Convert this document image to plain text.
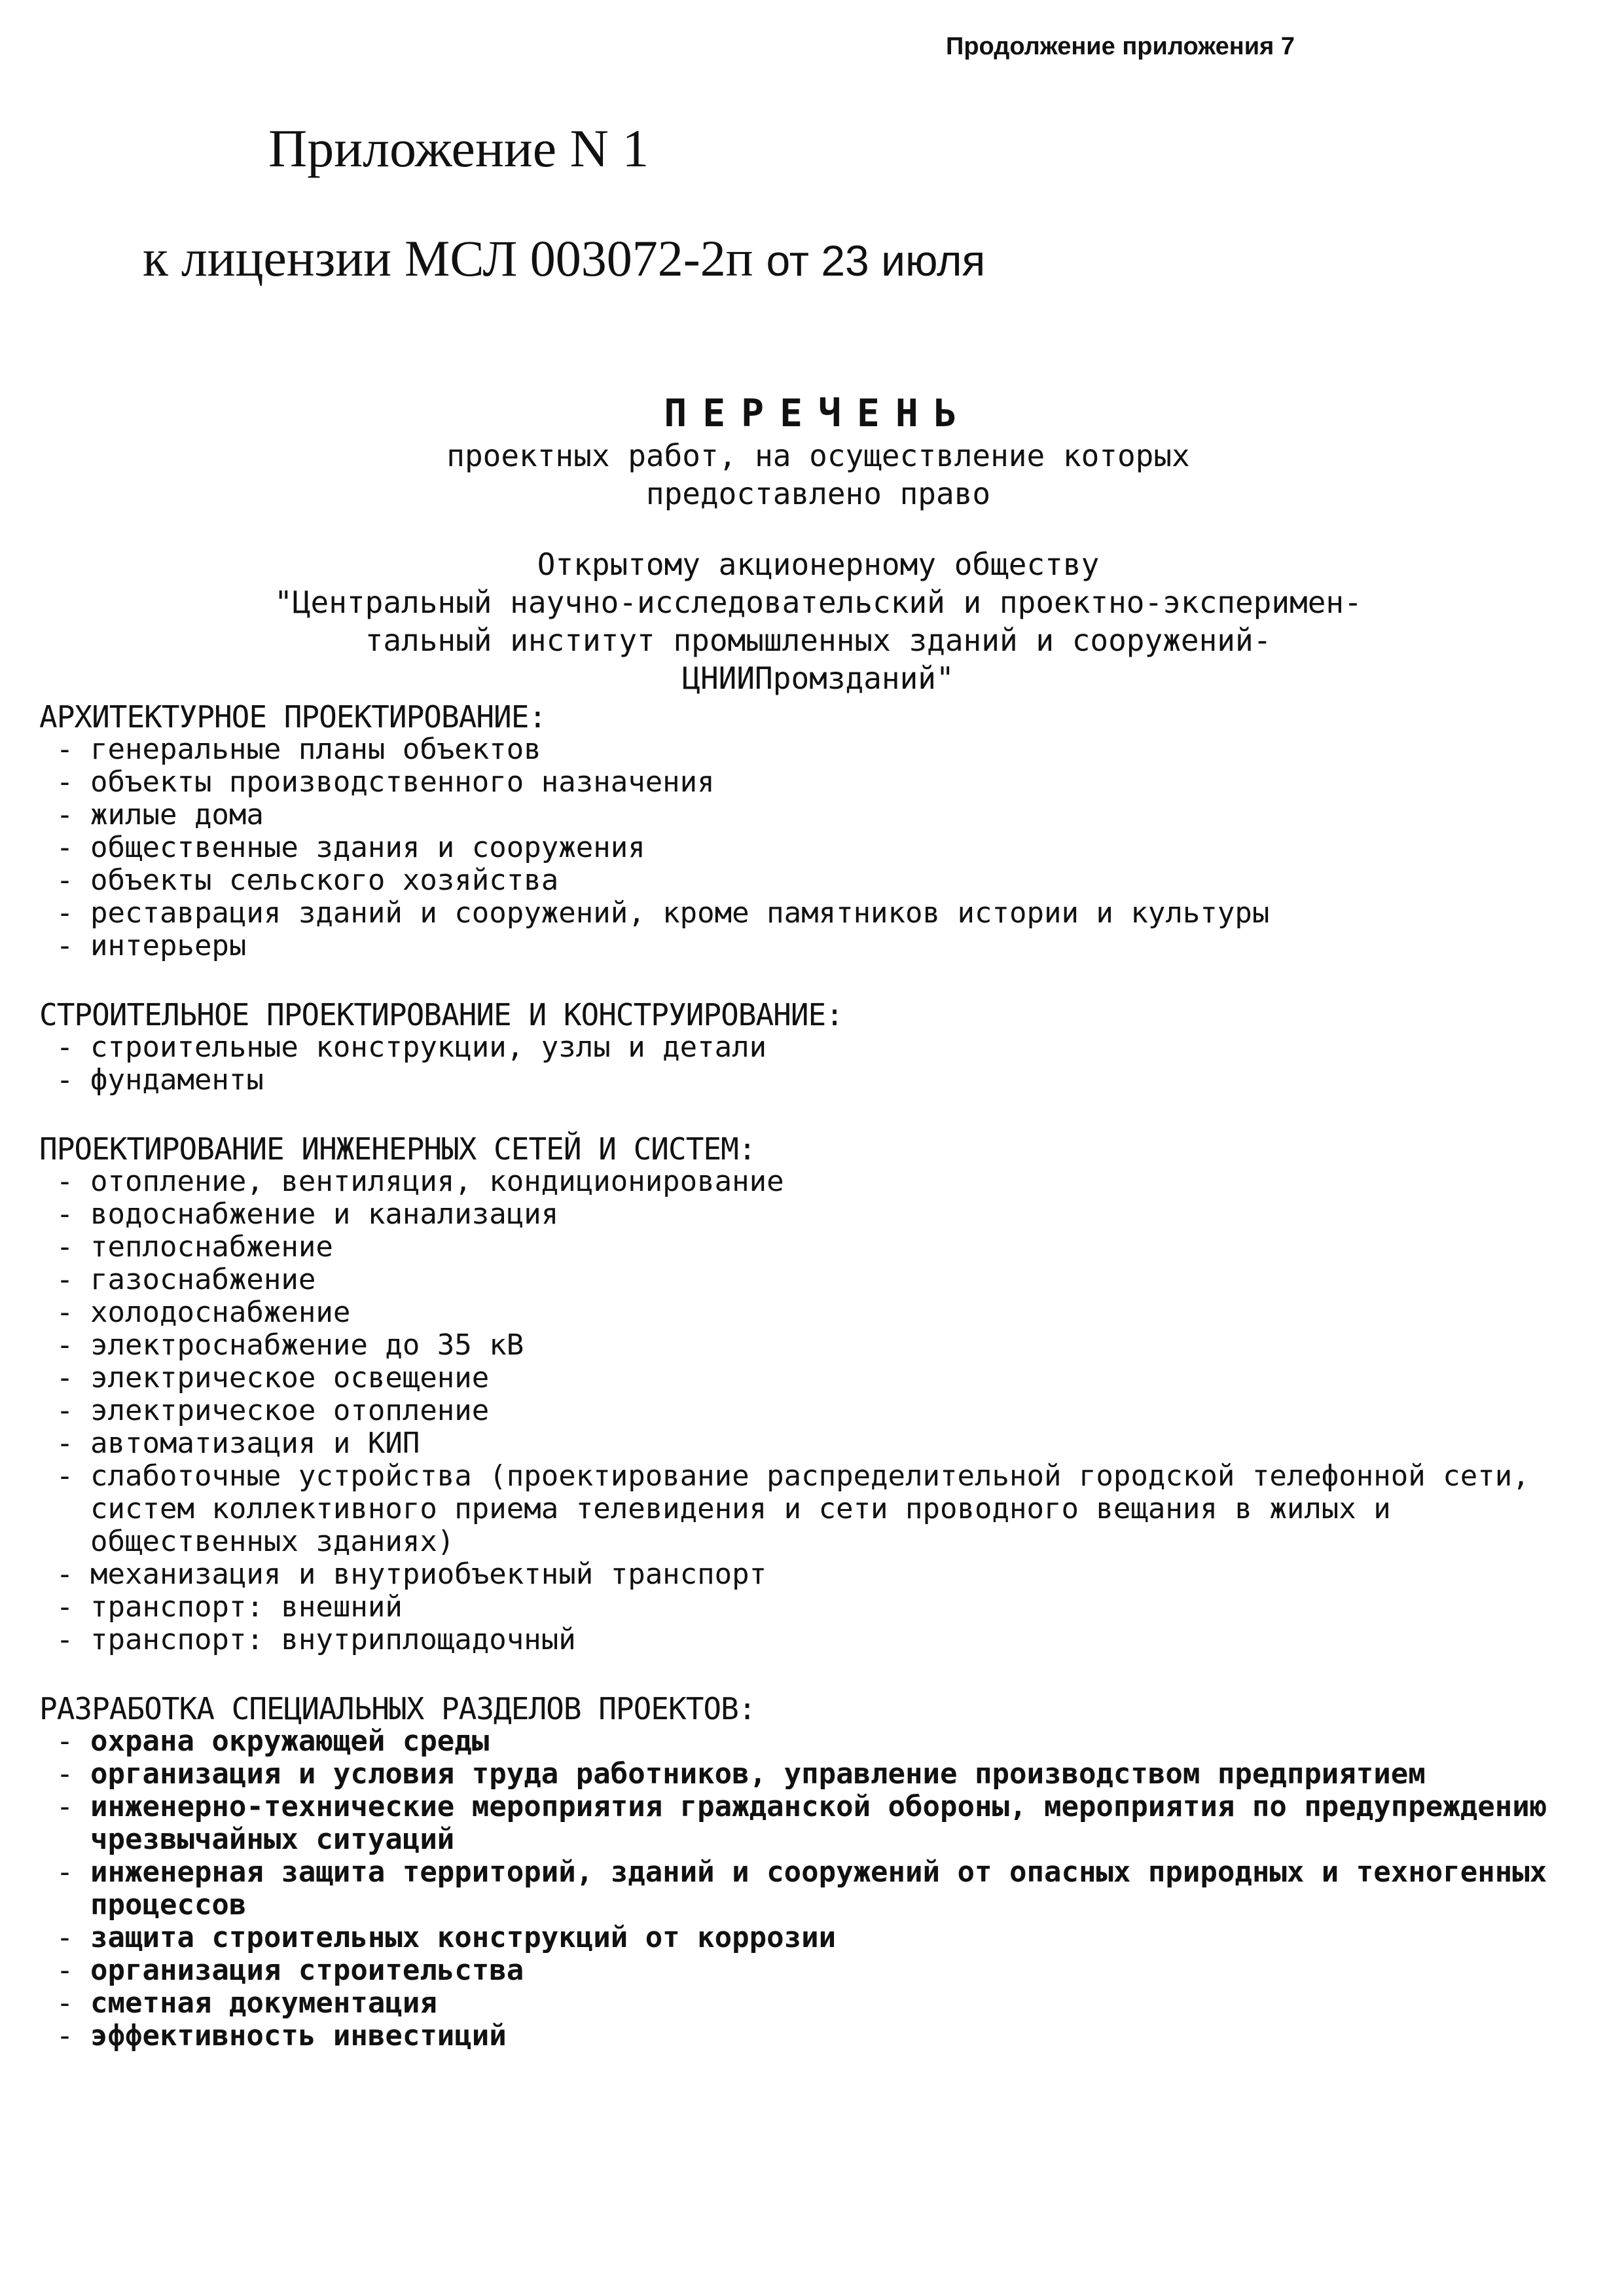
Продолжение приложения 7
Приложение N 1
к лицензии МСЛ 003072-2п от 23 июля
ПЕРЕЧЕНЬ
проектных работ, на осуществление которых
предоставлено право
Открытому акционерному обществу
"Центральный научно-исследовательский и проектно-эксперимен-
тальный институт промышленных зданий и сооружений-
ЦНИИПромзданий"
АРХИТЕКТУРНОЕ ПРОЕКТИРОВАНИЕ:
- генеральные планы объектов
- объекты производственного назначения
- жилые дома
- общественные здания и сооружения
- объекты сельского хозяйства
- реставрация зданий и сооружений, кроме памятников истории и культуры
- интерьеры
СТРОИТЕЛЬНОЕ ПРОЕКТИРОВАНИЕ И КОНСТРУИРОВАНИЕ:
- строительные конструкции, узлы и детали
- фундаменты
ПРОЕКТИРОВАНИЕ ИНЖЕНЕРНЫХ СЕТЕЙ И СИСТЕМ:
- отопление, вентиляция, кондиционирование
- водоснабжение и канализация
- теплоснабжение
- газоснабжение
- холодоснабжение
- электроснабжение до 35 кВ
- электрическое освещение
- электрическое отопление
- автоматизация и КИП
- слаботочные устройства (проектирование распределительной городской телефонной сети, систем коллективного приема телевидения и сети проводного вещания в жилых и общественных зданиях)
- механизация и внутриобъектный транспорт
- транспорт: внешний
- транспорт: внутриплощадочный
РАЗРАБОТКА СПЕЦИАЛЬНЫХ РАЗДЕЛОВ ПРОЕКТОВ:
- охрана окружающей среды
- организация и условия труда работников, управление производством предприятием
- инженерно-технические мероприятия гражданской обороны, мероприятия по предупреждению чрезвычайных ситуаций
- инженерная защита территорий, зданий и сооружений от опасных природных и техногенных процессов
- защита строительных конструкций от коррозии
- организация строительства
- сметная документация
- эффективность инвестиций
